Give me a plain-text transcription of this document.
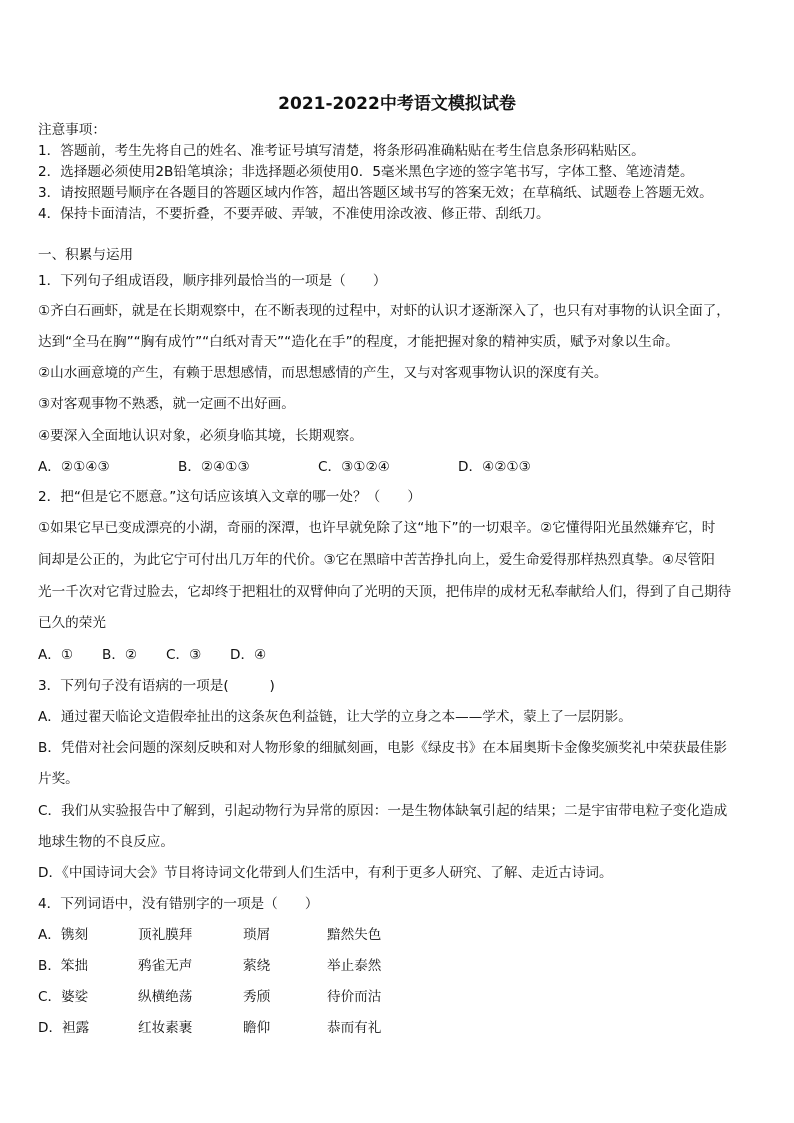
2021-2022中考语文模拟试卷
注意事项：
1．答题前，考生先将自己的姓名、准考证号填写清楚，将条形码准确粘贴在考生信息条形码粘贴区。
2．选择题必须使用2B铅笔填涂；非选择题必须使用0．5毫米黑色字迹的签字笔书写，字体工整、笔迹清楚。
3．请按照题号顺序在各题目的答题区域内作答，超出答题区域书写的答案无效；在草稿纸、试题卷上答题无效。
4．保持卡面清洁，不要折叠，不要弄破、弄皱，不准使用涂改液、修正带、刮纸刀。
一、积累与运用
1．下列句子组成语段，顺序排列最恰当的一项是（　　）
①齐白石画虾，就是在长期观察中，在不断表现的过程中，对虾的认识才逐渐深入了，也只有对事物的认识全面了，
达到“全马在胸”“胸有成竹”“白纸对青天”“造化在手”的程度，才能把握对象的精神实质，赋予对象以生命。
②山水画意境的产生，有赖于思想感情，而思想感情的产生，又与对客观事物认识的深度有关。
③对客观事物不熟悉，就一定画不出好画。
④要深入全面地认识对象，必须身临其境，长期观察。
A．②①④③	B．②④①③	C．③①②④	D．④②①③
2．把“但是它不愿意。”这句话应该填入文章的哪一处？（　　）
①如果它早已变成漂亮的小湖，奇丽的深潭，也许早就免除了这“地下”的一切艰辛。②它懂得阳光虽然嫌弃它，时
间却是公正的，为此它宁可付出几万年的代价。③它在黑暗中苦苦挣扎向上，爱生命爱得那样热烈真挚。④尽管阳
光一千次对它背过脸去，它却终于把粗壮的双臂伸向了光明的天顶，把伟岸的成材无私奉献给人们，得到了自己期待
已久的荣光
A．① B．② C．③ D．④
3．下列句子没有语病的一项是(　　　)
A．通过翟天临论文造假牵扯出的这条灰色利益链，让大学的立身之本——学术，蒙上了一层阴影。
B．凭借对社会问题的深刻反映和对人物形象的细腻刻画，电影《绿皮书》在本届奥斯卡金像奖颁奖礼中荣获最佳影
片奖。
C．我们从实验报告中了解到，引起动物行为异常的原因：一是生物体缺氧引起的结果；二是宇宙带电粒子变化造成
地球生物的不良反应。
D．《中国诗词大会》节目将诗词文化带到人们生活中，有利于更多人研究、了解、走近古诗词。
4．下列词语中，没有错别字的一项是（　　）
A．镌刻	顶礼膜拜	琐屑	黯然失色
B．笨拙	鸦雀无声	萦绕	举止泰然
C．婆娑	纵横绝荡	秀颀	待价而沽
D．袒露	红妆素裹	瞻仰	恭而有礼
